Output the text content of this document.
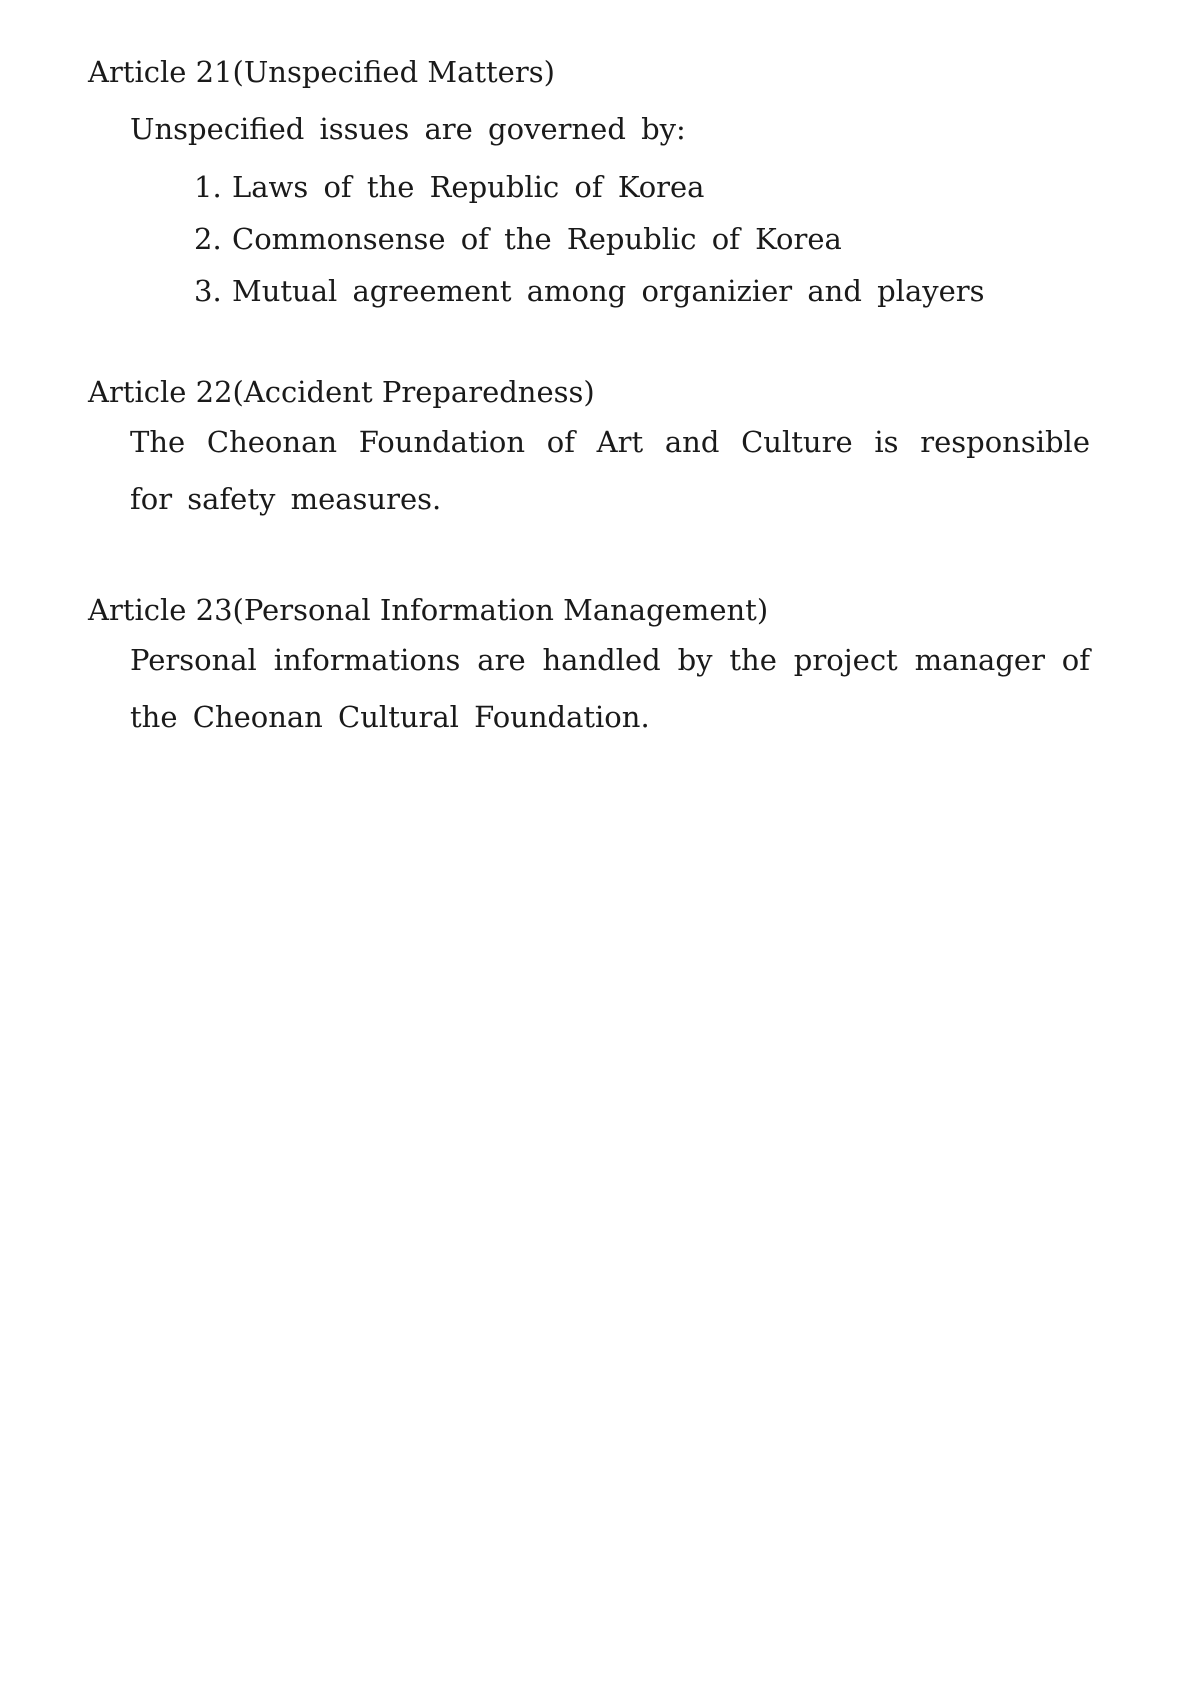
Article 21(Unspecified Matters)
Unspecified issues are governed by:
1. Laws of the Republic of Korea
2. Commonsense of the Republic of Korea
3. Mutual agreement among organizier and players
Article 22(Accident Preparedness)
The Cheonan Foundation of Art and Culture is responsible for safety measures.
Article 23(Personal Information Management)
Personal informations are handled by the project manager of the Cheonan Cultural Foundation.
